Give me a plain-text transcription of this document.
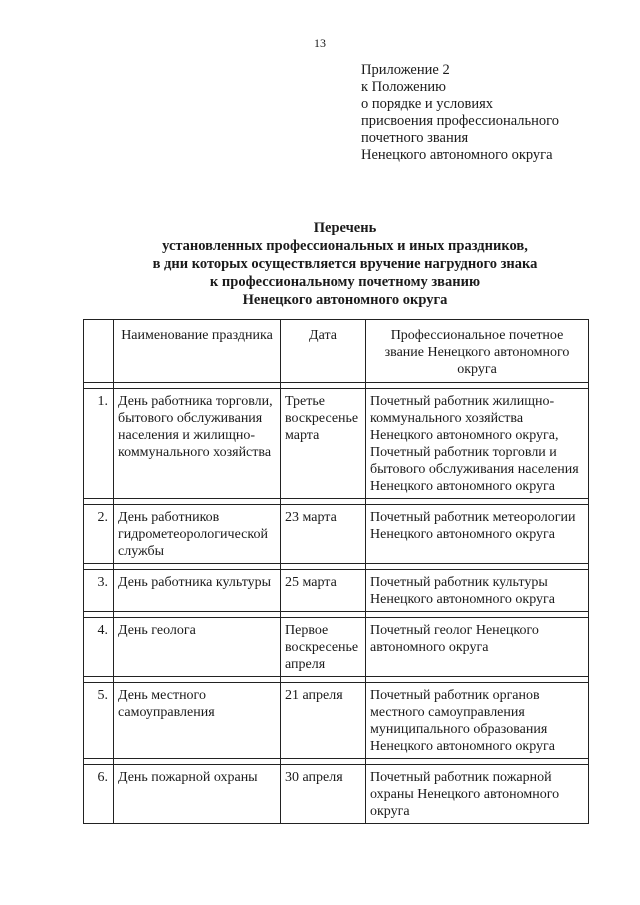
13
Приложение 2
к Положению
о порядке и условиях
присвоения профессионального
почетного звания
Ненецкого автономного округа
Перечень
установленных профессиональных и иных праздников,
в дни которых осуществляется вручение нагрудного знака
к профессиональному почетному званию
Ненецкого автономного округа
	Наименование праздника	Дата	Профессиональное почетное звание Ненецкого автономного округа

1.	День работника торговли, бытового обслуживания населения и жилищно-коммунального хозяйства	Третье воскресенье марта	Почетный работник жилищно-коммунального хозяйства Ненецкого автономного округа, Почетный работник торговли и бытового обслуживания населения Ненецкого автономного округа

2.	День работников гидрометеорологической службы	23 марта	Почетный работник метеорологии Ненецкого автономного округа

3.	День работника культуры	25 марта	Почетный работник культуры Ненецкого автономного округа

4.	День геолога	Первое воскресенье апреля	Почетный геолог Ненецкого автономного округа

5.	День местного самоуправления	21 апреля	Почетный работник органов местного самоуправления муниципального образования Ненецкого автономного округа

6.	День пожарной охраны	30 апреля	Почетный работник пожарной охраны Ненецкого автономного округа
